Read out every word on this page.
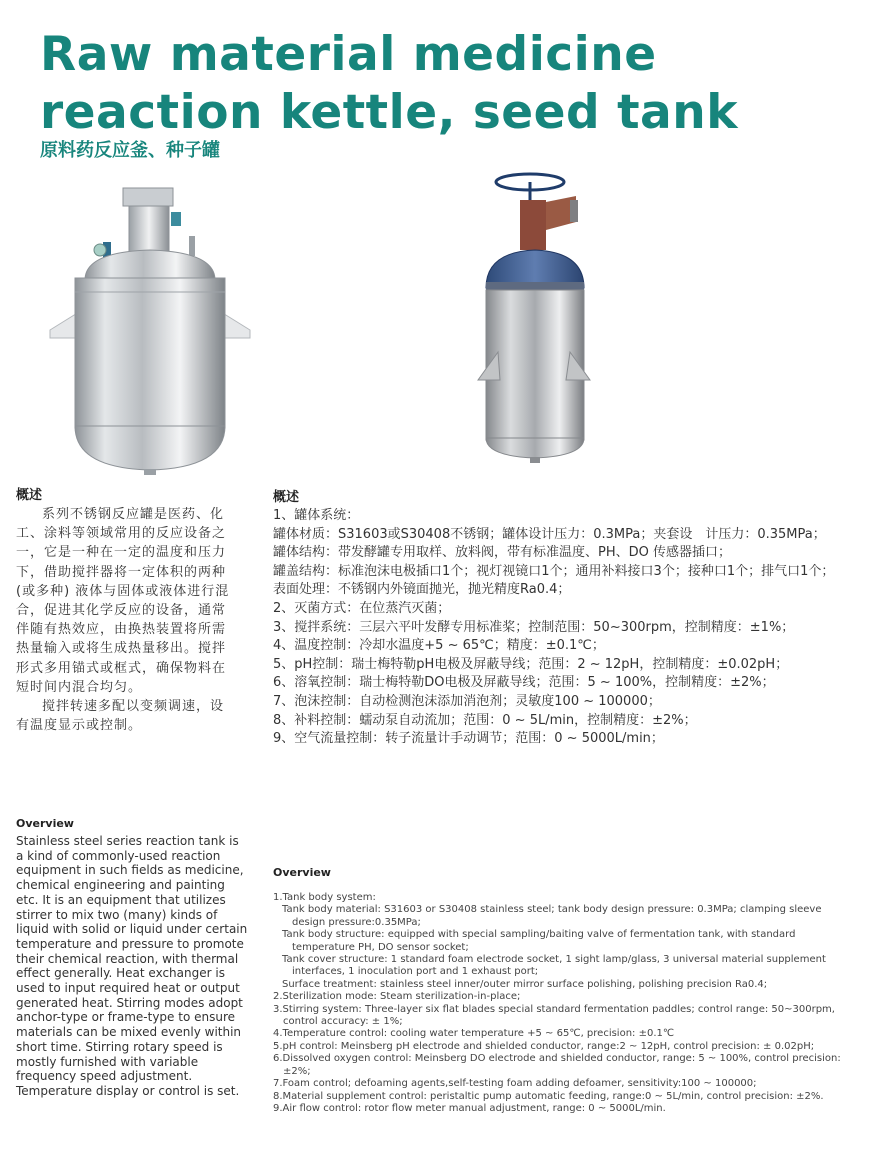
Raw material medicine
reaction kettle, seed tank
原料药反应釜、种子罐
概述

系列不锈钢反应罐是医药、化工、涂料等领域常用的反应设备之一，它是一种在一定的温度和压力下，借助搅拌器将一定体积的两种 (或多种) 液体与固体或液体进行混合，促进其化学反应的设备，通常伴随有热效应，由换热装置将所需热量输入或将生成热量移出。搅拌形式多用锚式或框式，确保物料在短时间内混合均匀。

搅拌转速多配以变频调速，设有温度显示或控制。

Overview
Stainless steel series reaction tank is a kind of commonly-used reaction equipment in such fields as medicine, chemical engineering and painting etc. It is an equipment that utilizes stirrer to mix two (many) kinds of liquid with solid or liquid under certain temperature and pressure to promote their chemical reaction, with thermal effect generally. Heat exchanger is used to input required heat or output generated heat. Stirring modes adopt anchor-type or frame-type to ensure materials can be mixed evenly within short time. Stirring rotary speed is mostly furnished with variable frequency speed adjustment. Temperature display or control is set.
概述
1、罐体系统：
罐体材质：S31603或S30408不锈钢；罐体设计压力：0.3MPa；夹套设　计压力：0.35MPa；
罐体结构：带发酵罐专用取样、放料阀，带有标准温度、PH、DO 传感器插口；
罐盖结构：标准泡沫电极插口1个；视灯视镜口1个；通用补料接口3个；接种口1个；排气口1个；
表面处理：不锈钢内外镜面抛光，抛光精度Ra0.4；
2、灭菌方式：在位蒸汽灭菌；
3、搅拌系统：三层六平叶发酵专用标准桨；控制范围：50~300rpm，控制精度：±1%；
4、温度控制：冷却水温度+5 ~ 65℃；精度：±0.1℃；
5、pH控制：瑞士梅特勒pH电极及屏蔽导线；范围：2 ~ 12pH，控制精度：±0.02pH；
6、溶氧控制：瑞士梅特勒DO电极及屏蔽导线；范围：5 ~ 100%，控制精度：±2%；
7、泡沫控制：自动检测泡沫添加消泡剂；灵敏度100 ~ 100000；
8、补料控制：蠕动泵自动流加；范围：0 ~ 5L/min，控制精度：±2%；
9、空气流量控制：转子流量计手动调节；范围：0 ~ 5000L/min；
Overview
1.Tank body system:
Tank body material: S31603 or S30408 stainless steel; tank body design pressure: 0.3MPa; clamping sleeve design pressure:0.35MPa;
Tank body structure: equipped with special sampling/baiting valve of fermentation tank, with standard temperature PH, DO sensor socket;
Tank cover structure: 1 standard foam electrode socket, 1 sight lamp/glass, 3 universal material supplement interfaces, 1 inoculation port and 1 exhaust port;
Surface treatment: stainless steel inner/outer mirror surface polishing, polishing precision Ra0.4;
2.Sterilization mode: Steam sterilization-in-place;
3.Stirring system: Three-layer six flat blades special standard fermentation paddles; control range: 50~300rpm, control accuracy: ± 1%;
4.Temperature control: cooling water temperature +5 ~ 65℃, precision: ±0.1℃
5.pH control: Meinsberg pH electrode and shielded conductor, range:2 ~ 12pH, control precision: ± 0.02pH;
6.Dissolved oxygen control: Meinsberg DO electrode and shielded conductor, range: 5 ~ 100%, control precision: ±2%;
7.Foam control; defoaming agents,self-testing foam adding defoamer, sensitivity:100 ~ 100000;
8.Material supplement control: peristaltic pump automatic feeding, range:0 ~ 5L/min, control precision: ±2%.
9.Air flow control: rotor flow meter manual adjustment, range: 0 ~ 5000L/min.
